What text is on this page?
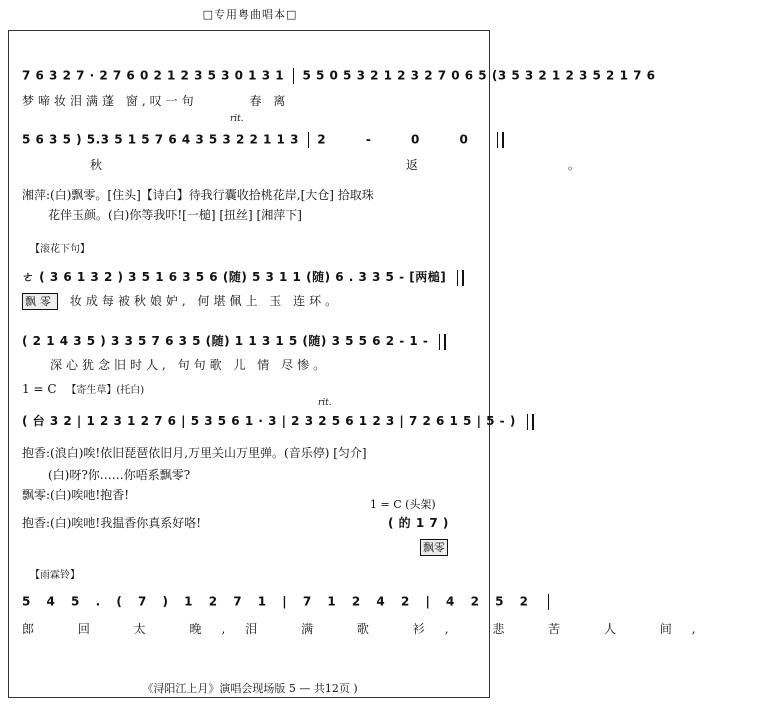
□专用粤曲唱本□
7 6 3 2 7 · 2 7 6 0 2 1 2 3 5 3 0 1 3 1 5 5 0 5 3 2 1 2 3 2 7 0 6 5 (3 5 3 2 1 2 3 5 2 1 7 6
梦啼妆泪满蓬 窗,叹一句	春 离
rit.
5 6 3 5 ) 5.3 5 1 5 7 6 4 3 5 3 2 2 1 1 3 2 - 0 0
秋 返。
湘萍:(白)飘零。[住头]【诗白】待我行囊收拾桃花岸,[大仓] 拾取珠
花伴玉颜。(白)你等我吓![一槌] [扭丝] [湘萍下]
【滚花下句】
ㄜ ( 3 6 1 3 2 ) 3 5 1 6 3 5 6 (随) 5 3 1 1 (随) 6 . 3 3 5 - [两槌]
飘零 妆成每被秋娘妒, 何堪佩上 玉 连环。
( 2 1 4 3 5 ) 3 3 5 7 6 3 5 (随) 1 1 3 1 5 (随) 3 5 5 6 2 - 1 -
深心犹念旧时人, 句句歌 儿 情 尽惨。
1 = C 【寄生草】(托白)
rit.
( 台 3 2 | 1 2 3 1 2 7 6 | 5 3 5 6 1 · 3 | 2 3 2 5 6 1 2 3 | 7 2 6 1 5 | 5 - )
抱香:(浪白)唉!依旧琵琶依旧月,万里关山万里弹。(音乐停) [匀介]
(白)呀?你……你唔系飘零?
飘零:(白)唉吔!抱香!
1 = C (头架)
抱香:(白)唉吔!我揾香你真系好咯!	( 的 1 7 )
飘零
【雨霖铃】
5 4 5 . ( 7 ) 1 2 7 1 | 7 1 2 4 2 | 4 2 5 2
郎 回 太 晚,泪 满 歌 衫, 悲 苦 人 间,
《浔阳江上月》演唱会现场版 5 — 共12页 )
